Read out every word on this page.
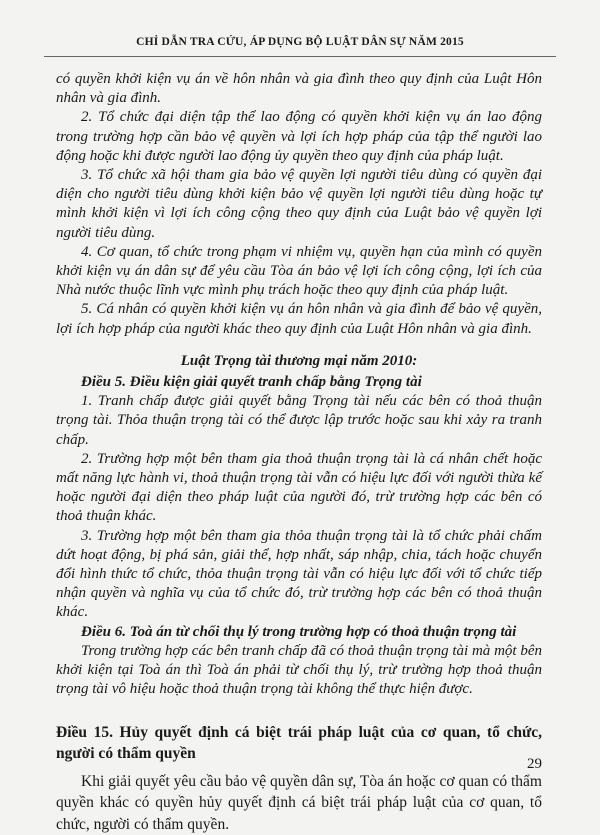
CHỈ DẪN TRA CỨU, ÁP DỤNG BỘ LUẬT DÂN SỰ NĂM 2015

có quyền khởi kiện vụ án về hôn nhân và gia đình theo quy định của Luật Hôn nhân và gia đình.

2. Tổ chức đại diện tập thể lao động có quyền khởi kiện vụ án lao động trong trường hợp cần bảo vệ quyền và lợi ích hợp pháp của tập thể người lao động hoặc khi được người lao động ủy quyền theo quy định của pháp luật.

3. Tổ chức xã hội tham gia bảo vệ quyền lợi người tiêu dùng có quyền đại diện cho người tiêu dùng khởi kiện bảo vệ quyền lợi người tiêu dùng hoặc tự mình khởi kiện vì lợi ích công cộng theo quy định của Luật bảo vệ quyền lợi người tiêu dùng.

4. Cơ quan, tổ chức trong phạm vi nhiệm vụ, quyền hạn của mình có quyền khởi kiện vụ án dân sự để yêu cầu Tòa án bảo vệ lợi ích công cộng, lợi ích của Nhà nước thuộc lĩnh vực mình phụ trách hoặc theo quy định của pháp luật.

5. Cá nhân có quyền khởi kiện vụ án hôn nhân và gia đình để bảo vệ quyền, lợi ích hợp pháp của người khác theo quy định của Luật Hôn nhân và gia đình.

Luật Trọng tài thương mại năm 2010:

Điều 5. Điều kiện giải quyết tranh chấp bằng Trọng tài

1. Tranh chấp được giải quyết bằng Trọng tài nếu các bên có thoả thuận trọng tài. Thỏa thuận trọng tài có thể được lập trước hoặc sau khi xảy ra tranh chấp.

2. Trường hợp một bên tham gia thoả thuận trọng tài là cá nhân chết hoặc mất năng lực hành vi, thoả thuận trọng tài vẫn có hiệu lực đối với người thừa kế hoặc người đại diện theo pháp luật của người đó, trừ trường hợp các bên có thoả thuận khác.

3. Trường hợp một bên tham gia thỏa thuận trọng tài là tổ chức phải chấm dứt hoạt động, bị phá sản, giải thể, hợp nhất, sáp nhập, chia, tách hoặc chuyển đổi hình thức tổ chức, thỏa thuận trọng tài vẫn có hiệu lực đối với tổ chức tiếp nhận quyền và nghĩa vụ của tổ chức đó, trừ trường hợp các bên có thoả thuận khác.

Điều 6. Toà án từ chối thụ lý trong trường hợp có thoả thuận trọng tài

Trong trường hợp các bên tranh chấp đã có thoả thuận trọng tài mà một bên khởi kiện tại Toà án thì Toà án phải từ chối thụ lý, trừ trường hợp thoả thuận trọng tài vô hiệu hoặc thoả thuận trọng tài không thể thực hiện được.

Điều 15. Hủy quyết định cá biệt trái pháp luật của cơ quan, tổ chức, người có thẩm quyền

Khi giải quyết yêu cầu bảo vệ quyền dân sự, Tòa án hoặc cơ quan có thẩm quyền khác có quyền hủy quyết định cá biệt trái pháp luật của cơ quan, tổ chức, người có thẩm quyền.

29
